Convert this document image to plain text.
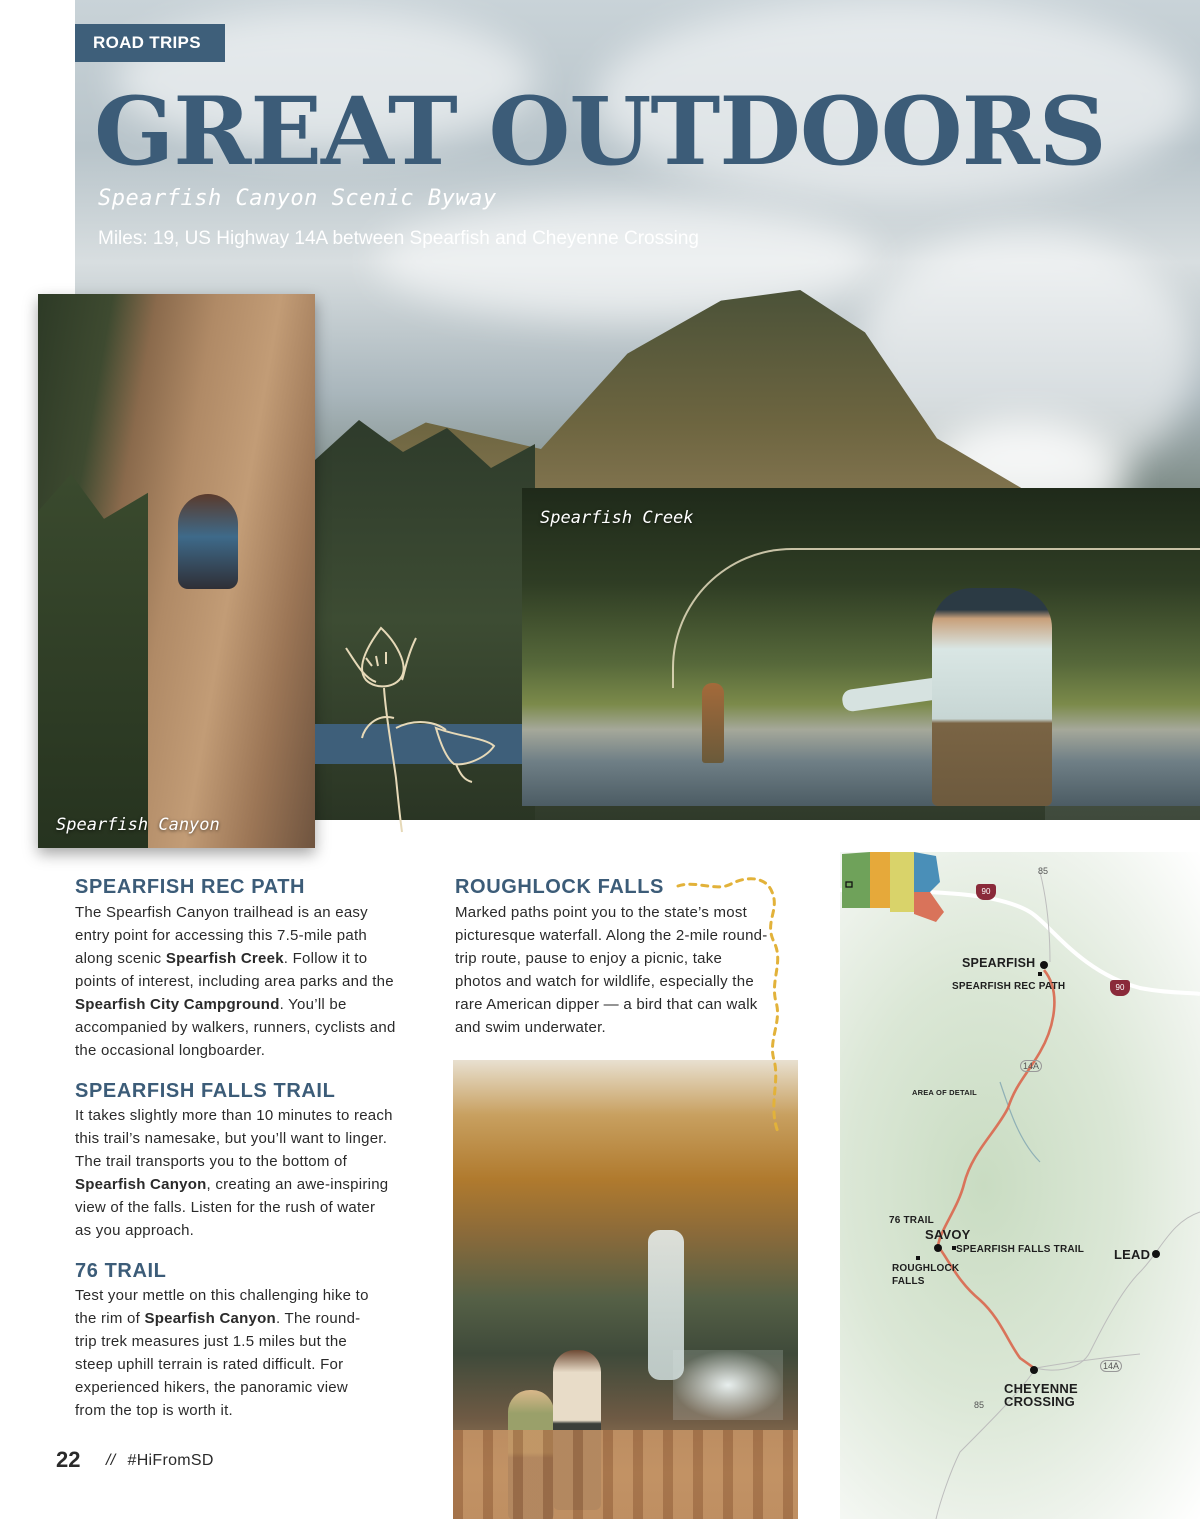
ROAD TRIPS
GREAT OUTDOORS
Spearfish Canyon Scenic Byway
Miles: 19, US Highway 14A between Spearfish and Cheyenne Crossing
Spearfish Canyon
Spearfish Creek
SPEARFISH REC PATH
The Spearfish Canyon trailhead is an easy entry point for accessing this 7.5-mile path along scenic Spearfish Creek. Follow it to points of interest, including area parks and the Spearfish City Campground. You’ll be accompanied by walkers, runners, cyclists and the occasional longboarder.
SPEARFISH FALLS TRAIL
It takes slightly more than 10 minutes to reach this trail’s namesake, but you’ll want to linger. The trail transports you to the bottom of Spearfish Canyon, creating an awe-inspiring view of the falls. Listen for the rush of water as you approach.
76 TRAIL
Test your mettle on this challenging hike to the rim of Spearfish Canyon. The round-trip trek measures just 1.5 miles but the steep uphill terrain is rated difficult. For experienced hikers, the panoramic view from the top is worth it.
ROUGHLOCK FALLS
Marked paths point you to the state’s most picturesque waterfall. Along the 2-mile round-trip route, pause to enjoy a picnic, take photos and watch for wildlife, especially the rare American dipper — a bird that can walk and swim underwater.
22 // #HiFromSD
90
90
85
85
14A
14A
AREA OF DETAIL
SPEARFISH
SPEARFISH REC PATH
76 TRAIL
SAVOY
SPEARFISH FALLS TRAIL
ROUGHLOCK
FALLS
LEAD
CHEYENNE
CROSSING
